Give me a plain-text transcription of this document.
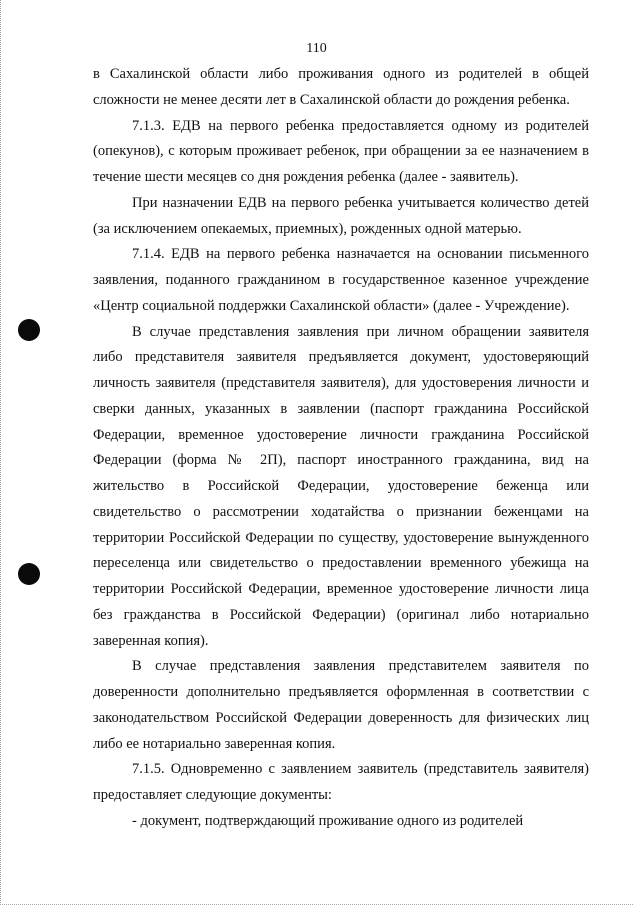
110

в Сахалинской области либо проживания одного из родителей в общей сложности не менее десяти лет в Сахалинской области до рождения ребенка.

7.1.3. ЕДВ на первого ребенка предоставляется одному из родителей (опекунов), с которым проживает ребенок, при обращении за ее назначением в течение шести месяцев со дня рождения ребенка (далее - заявитель).

При назначении ЕДВ на первого ребенка учитывается количество детей (за исключением опекаемых, приемных), рожденных одной матерью.

7.1.4. ЕДВ на первого ребенка назначается на основании письменного заявления, поданного гражданином в государственное казенное учреждение «Центр социальной поддержки Сахалинской области» (далее - Учреждение).

В случае представления заявления при личном обращении заявителя либо представителя заявителя предъявляется документ, удостоверяющий личность заявителя (представителя заявителя), для удостоверения личности и сверки данных, указанных в заявлении (паспорт гражданина Российской Федерации, временное удостоверение личности гражданина Российской Федерации (форма № 2П), паспорт иностранного гражданина, вид на жительство в Российской Федерации, удостоверение беженца или свидетельство о рассмотрении ходатайства о признании беженцами на территории Российской Федерации по существу, удостоверение вынужденного переселенца или свидетельство о предоставлении временного убежища на территории Российской Федерации, временное удостоверение личности лица без гражданства в Российской Федерации) (оригинал либо нотариально заверенная копия).

В случае представления заявления представителем заявителя по доверенности дополнительно предъявляется оформленная в соответствии с законодательством Российской Федерации доверенность для физических лиц либо ее нотариально заверенная копия.

7.1.5. Одновременно с заявлением заявитель (представитель заявителя) предоставляет следующие документы:

- документ, подтверждающий проживание одного из родителей
